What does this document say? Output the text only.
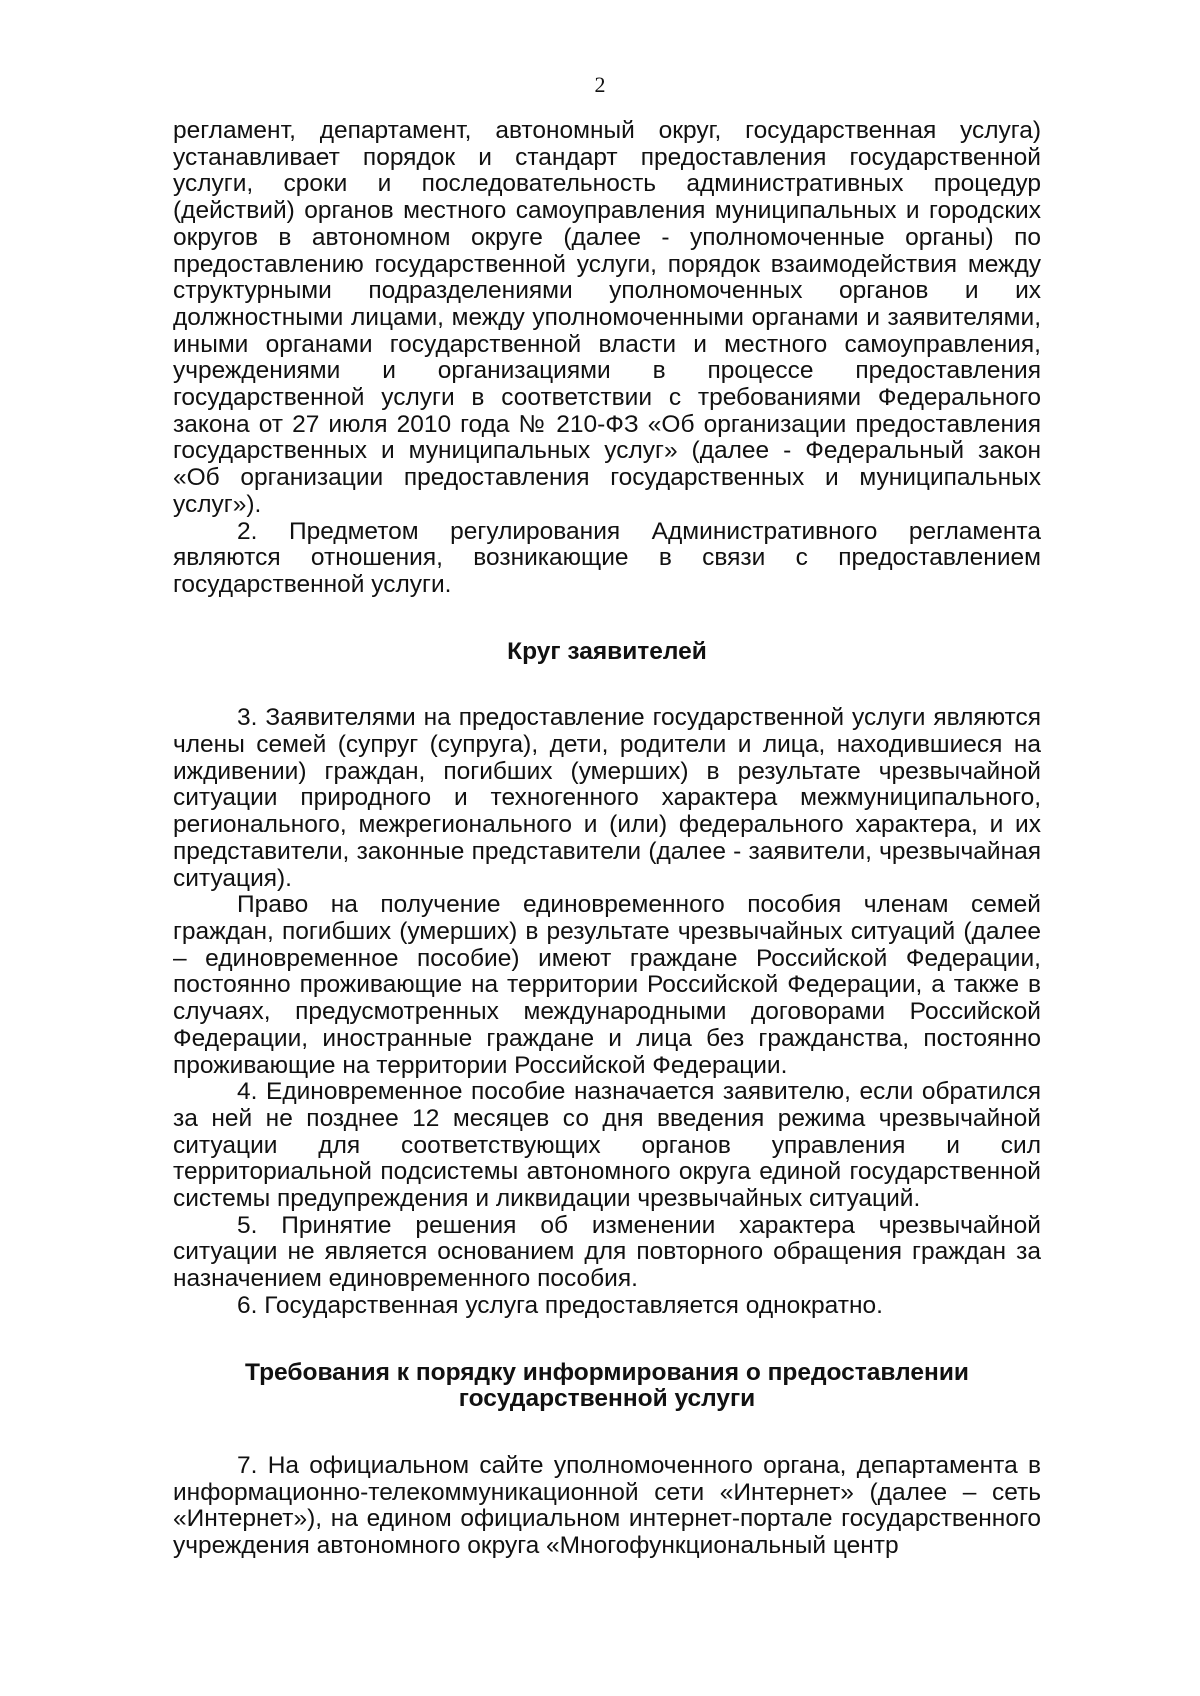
2

регламент, департамент, автономный округ, государственная услуга) устанавливает порядок и стандарт предоставления государственной услуги, сроки и последовательность административных процедур (действий) органов местного самоуправления муниципальных и городских округов в автономном округе (далее - уполномоченные органы) по предоставлению государственной услуги, порядок взаимодействия между структурными подразделениями уполномоченных органов и их должностными лицами, между уполномоченными органами и заявителями, иными органами государственной власти и местного самоуправления, учреждениями и организациями в процессе предоставления государственной услуги в соответствии с требованиями Федерального закона от 27 июля 2010 года № 210-ФЗ «Об организации предоставления государственных и муниципальных услуг» (далее - Федеральный закон «Об организации предоставления государственных и муниципальных услуг»).

2. Предметом регулирования Административного регламента являются отношения, возникающие в связи с предоставлением государственной услуги.

Круг заявителей

3. Заявителями на предоставление государственной услуги являются члены семей (супруг (супруга), дети, родители и лица, находившиеся на иждивении) граждан, погибших (умерших) в результате чрезвычайной ситуации природного и техногенного характера межмуниципального, регионального, межрегионального и (или) федерального характера, и их представители, законные представители (далее - заявители, чрезвычайная ситуация).

Право на получение единовременного пособия членам семей граждан, погибших (умерших) в результате чрезвычайных ситуаций (далее – единовременное пособие) имеют граждане Российской Федерации, постоянно проживающие на территории Российской Федерации, а также в случаях, предусмотренных международными договорами Российской Федерации, иностранные граждане и лица без гражданства, постоянно проживающие на территории Российской Федерации.

4. Единовременное пособие назначается заявителю, если обратился за ней не позднее 12 месяцев со дня введения режима чрезвычайной ситуации для соответствующих органов управления и сил территориальной подсистемы автономного округа единой государственной системы предупреждения и ликвидации чрезвычайных ситуаций.

5. Принятие решения об изменении характера чрезвычайной ситуации не является основанием для повторного обращения граждан за назначением единовременного пособия.

6. Государственная услуга предоставляется однократно.

Требования к порядку информирования о предоставлении
государственной услуги

7. На официальном сайте уполномоченного органа, департамента в информационно-телекоммуникационной сети «Интернет» (далее – сеть «Интернет»), на едином официальном интернет-портале государственного учреждения автономного округа «Многофункциональный центр
